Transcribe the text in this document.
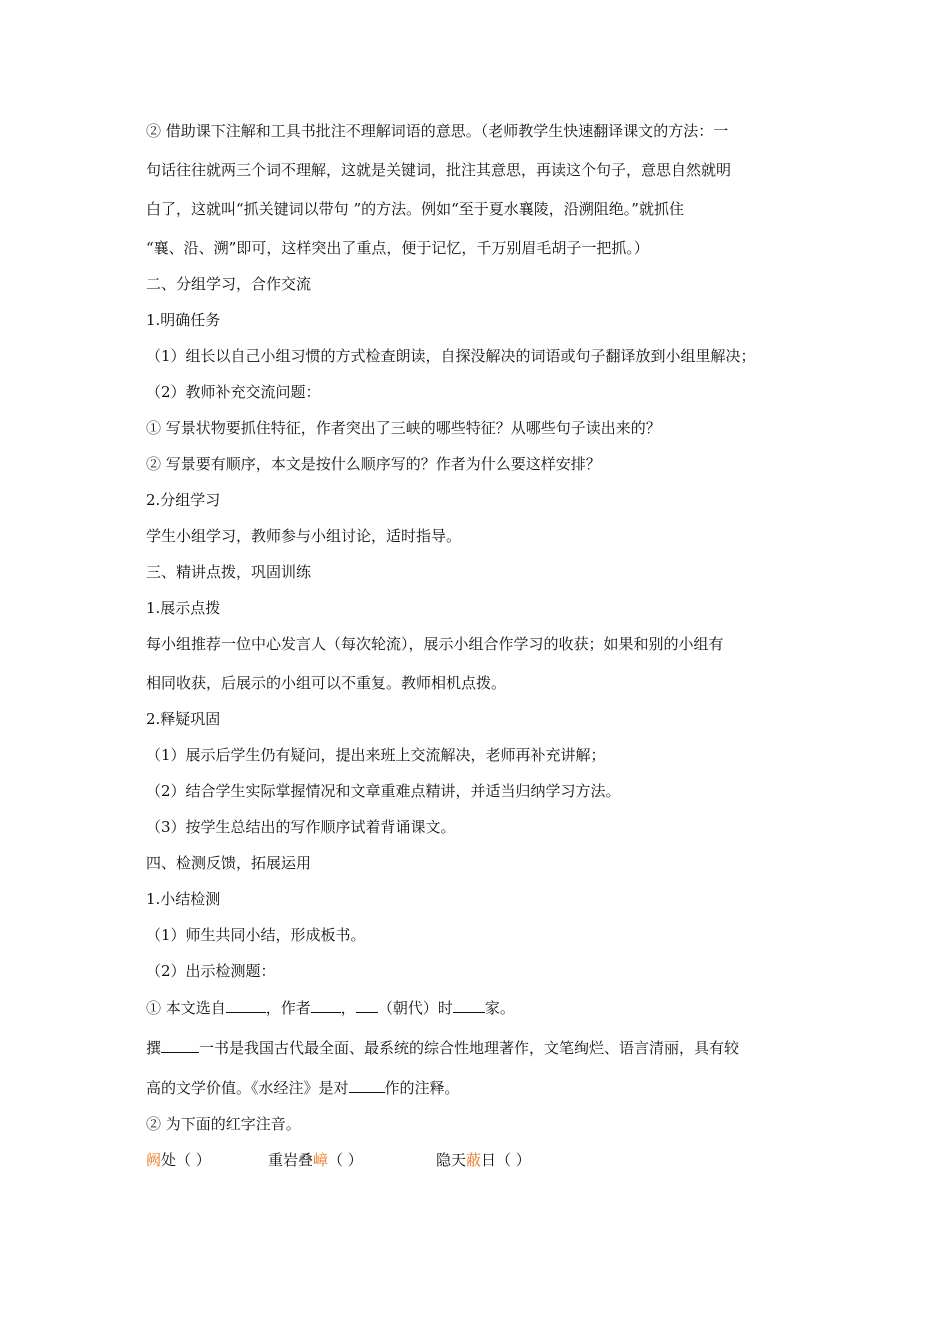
② 借助课下注解和工具书批注不理解词语的意思。（老师教学生快速翻译课文的方法：一

句话往往就两三个词不理解，这就是关键词，批注其意思，再读这个句子，意思自然就明

白了，这就叫“抓关键词以带句 ”的方法。例如“至于夏水襄陵，沿溯阻绝。”就抓住

“襄、沿、溯”即可，这样突出了重点，便于记忆，千万别眉毛胡子一把抓。）

二、分组学习，合作交流

1.明确任务

（1）组长以自己小组习惯的方式检查朗读，自探没解决的词语或句子翻译放到小组里解决；

（2）教师补充交流问题：

① 写景状物要抓住特征，作者突出了三峡的哪些特征？从哪些句子读出来的？

② 写景要有顺序，本文是按什么顺序写的？作者为什么要这样安排？

2.分组学习

学生小组学习，教师参与小组讨论，适时指导。

三、精讲点拨，巩固训练

1.展示点拨

每小组推荐一位中心发言人（每次轮流），展示小组合作学习的收获；如果和别的小组有

相同收获，后展示的小组可以不重复。教师相机点拨。

2.释疑巩固

（1）展示后学生仍有疑问，提出来班上交流解决，老师再补充讲解；

（2）结合学生实际掌握情况和文章重难点精讲，并适当归纳学习方法。

（3）按学生总结出的写作顺序试着背诵课文。

四、检测反馈，拓展运用

1.小结检测

（1）师生共同小结，形成板书。

（2）出示检测题：

① 本文选自	，作者 ， （朝代）时 家。

撰	一书是我国古代最全面、最系统的综合性地理著作，文笔绚烂、语言清丽，具有较

高的文学价值。《水经注》是对 作的注释。

② 为下面的红字注音。

阙处（ ）	重岩叠嶂（ ）	隐天蔽日（ ）
